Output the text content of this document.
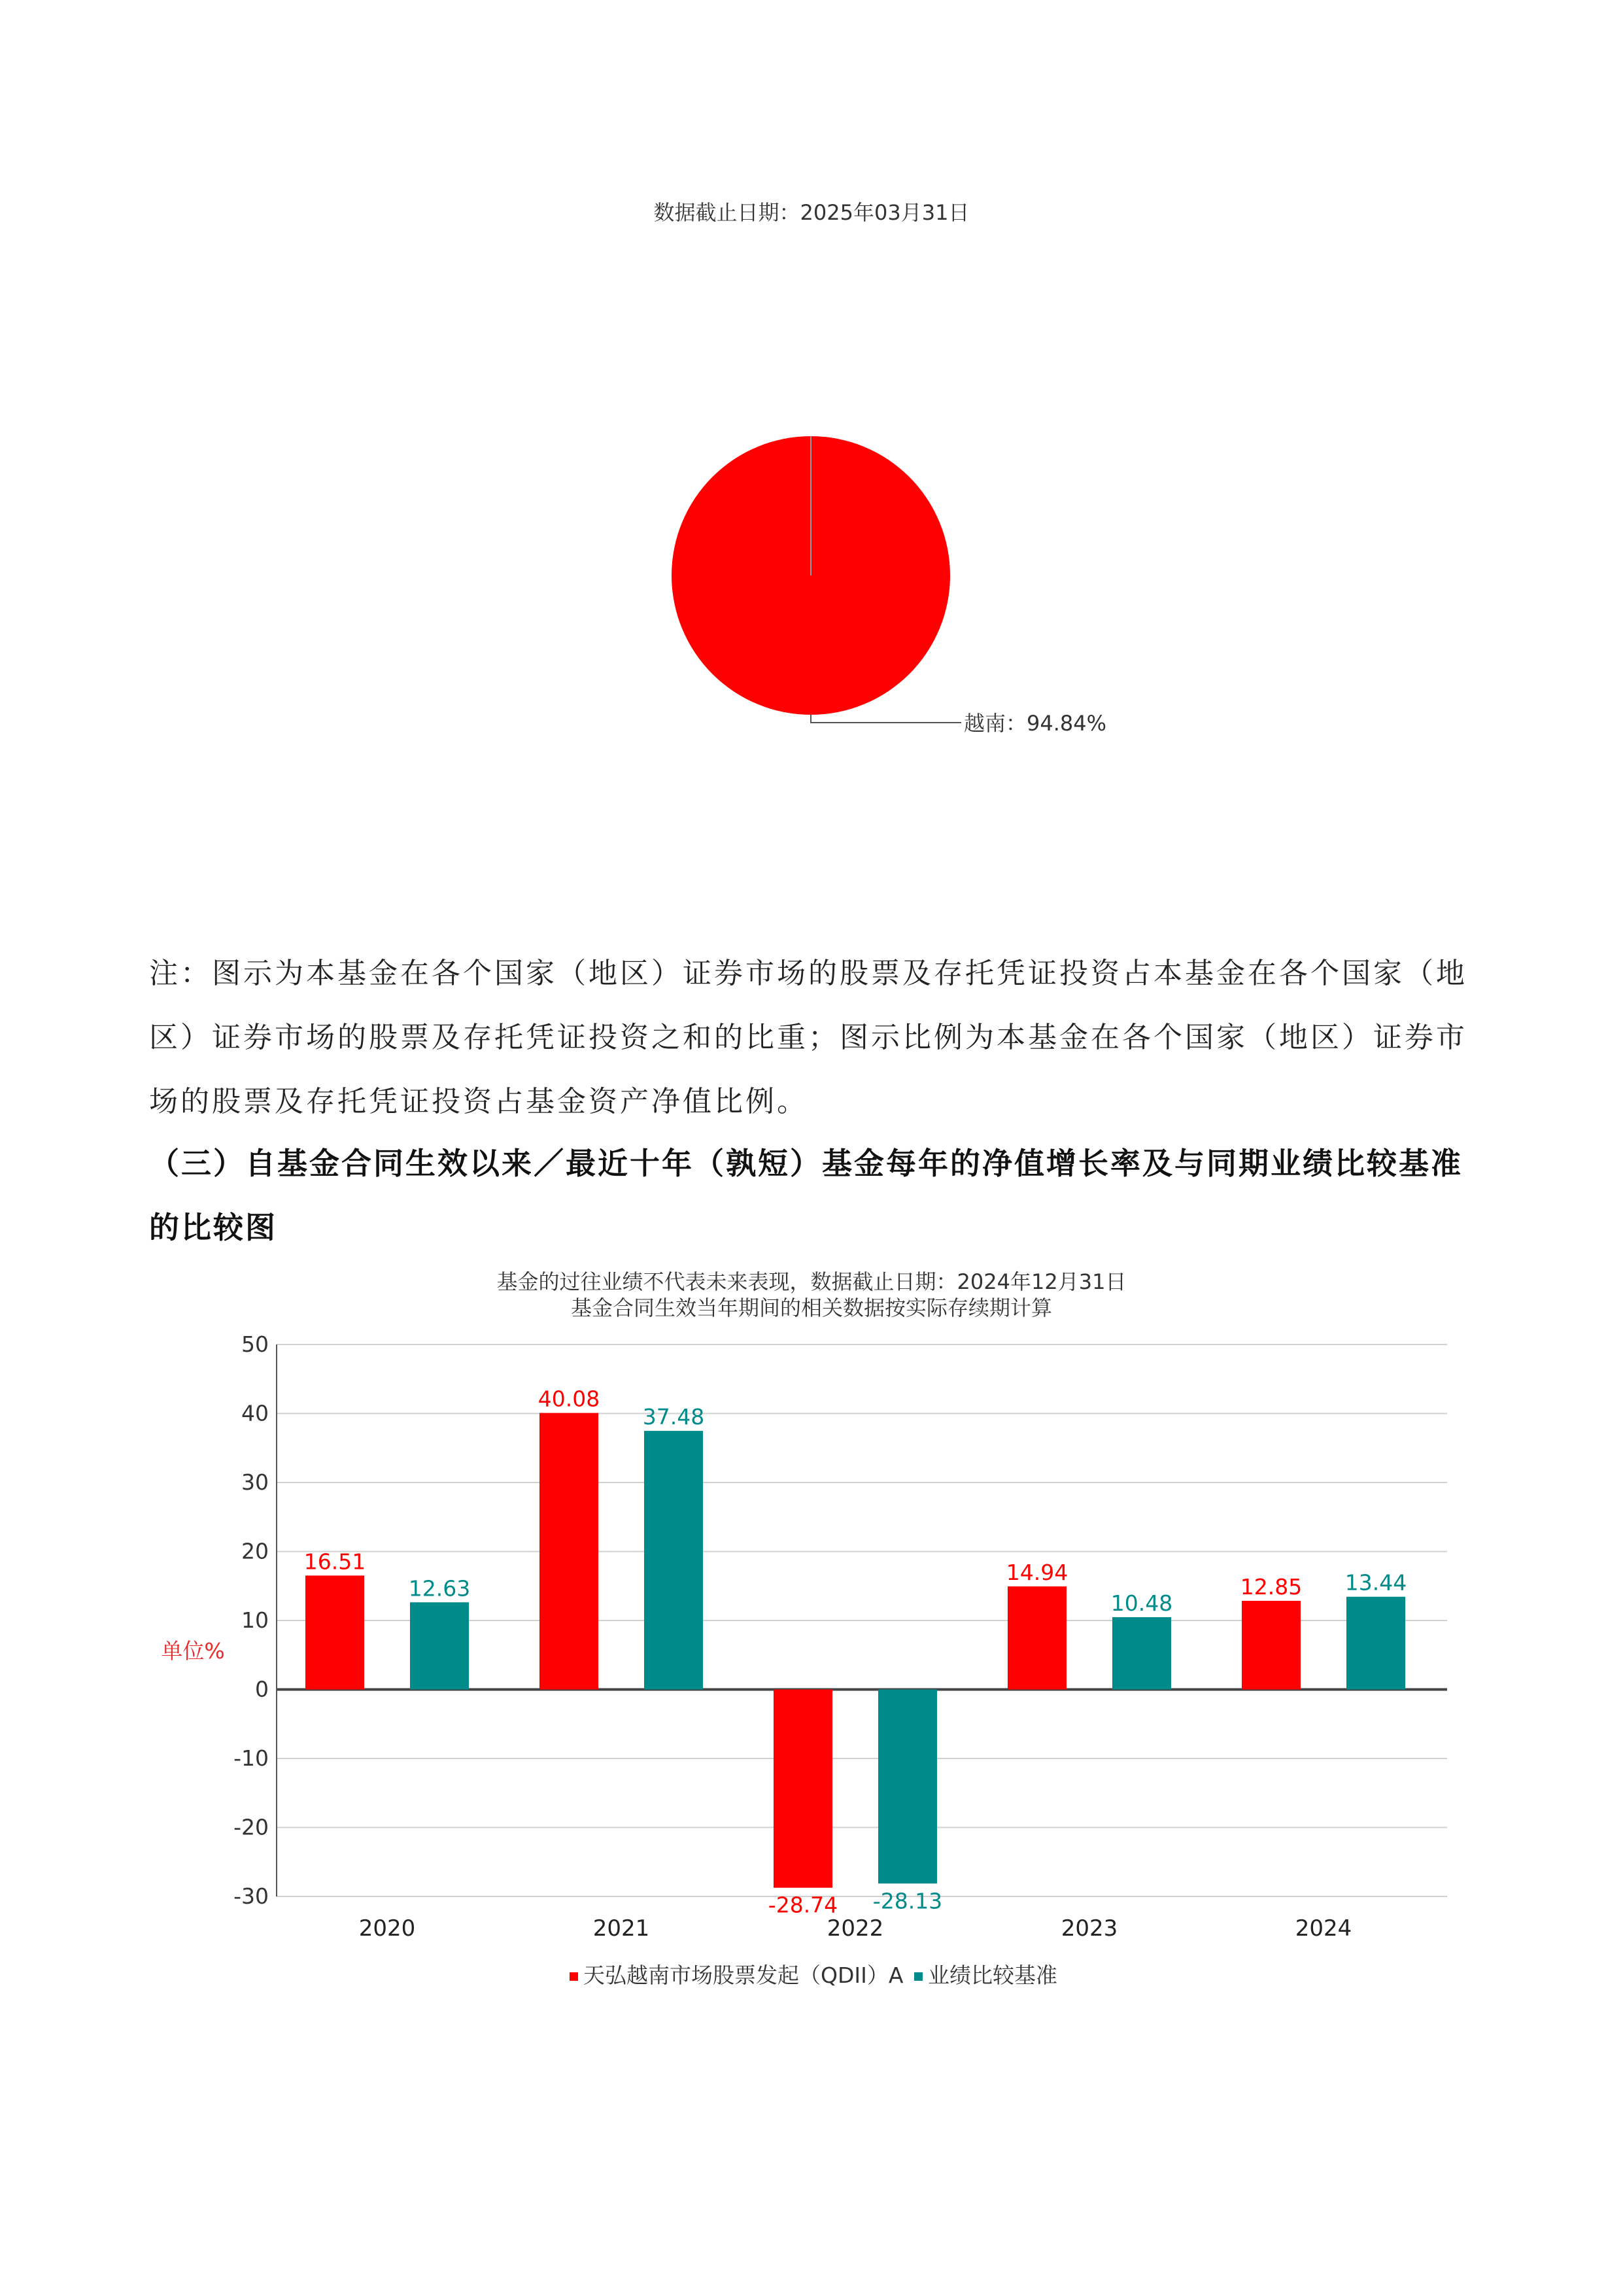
数据截止日期：2025年03月31日
越南：94.84%

注：图示为本基金在各个国家（地区）证券市场的股票及存托凭证投资占本基金在各个国家（地区）证券市场的股票及存托凭证投资之和的比重；图示比例为本基金在各个国家（地区）证券市场的股票及存托凭证投资占基金资产净值比例。

（三）自基金合同生效以来／最近十年（孰短）基金每年的净值增长率及与同期业绩比较基准的比较图

基金的过往业绩不代表未来表现，数据截止日期：2024年12月31日
基金合同生效当年期间的相关数据按实际存续期计算
50
40
30
20
10
0
-10
-20
-30
单位%
16.51
12.63
2020
40.08
37.48
2021
-28.74 -28.13
2022
14.94
10.48
2023
12.85 13.44
2024
天弘越南市场股票发起（QDII）A 业绩比较基准
